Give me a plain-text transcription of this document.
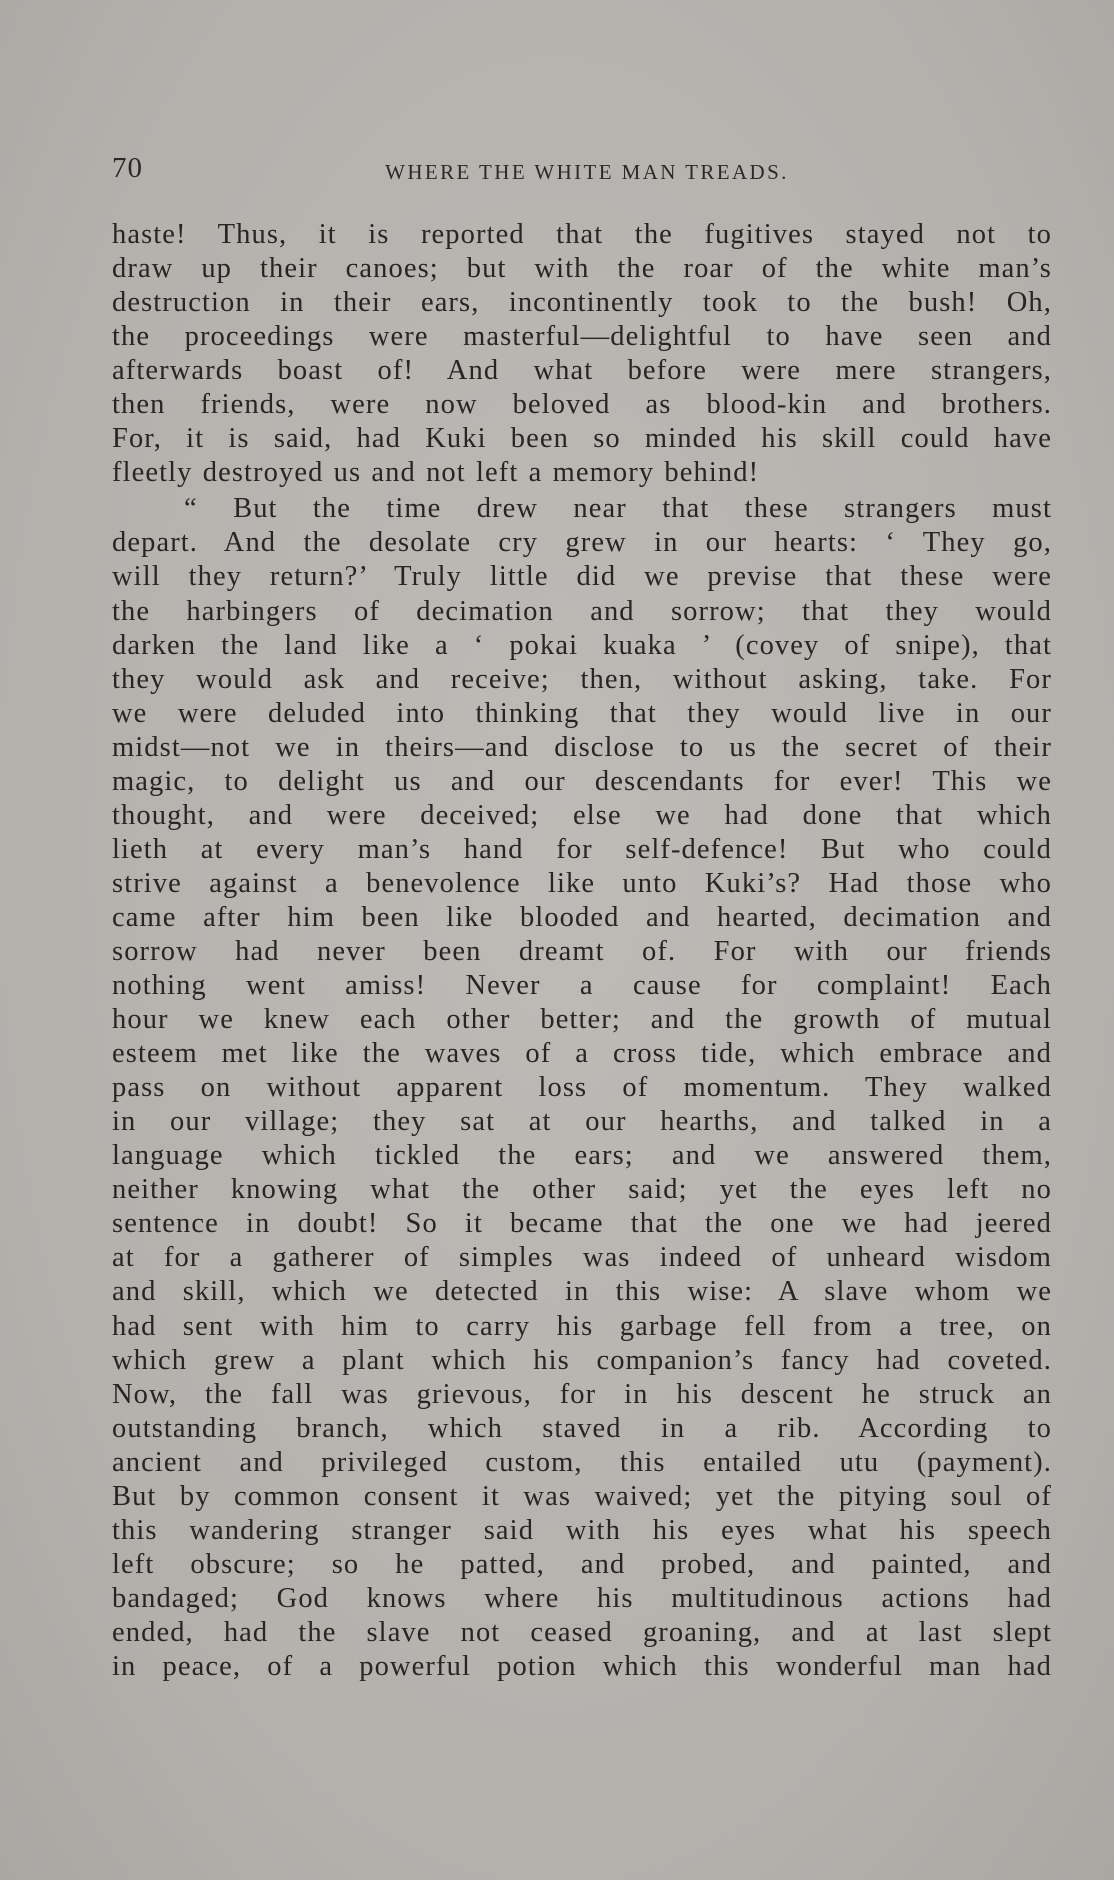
70	WHERE THE WHITE MAN TREADS.
haste! Thus, it is reported that the fugitives stayed not to
draw up their canoes; but with the roar of the white man’s
destruction in their ears, incontinently took to the bush! Oh,
the proceedings were masterful—delightful to have seen and
afterwards boast of! And what before were mere strangers,
then friends, were now beloved as blood-kin and brothers.
For, it is said, had Kuki been so minded his skill could have
fleetly destroyed us and not left a memory behind!
“ But the time drew near that these strangers must
depart. And the desolate cry grew in our hearts: ‘ They go,
will they return?’ Truly little did we previse that these were
the harbingers of decimation and sorrow; that they would
darken the land like a ‘ pokai kuaka ’ (covey of snipe), that
they would ask and receive; then, without asking, take. For
we were deluded into thinking that they would live in our
midst—not we in theirs—and disclose to us the secret of their
magic, to delight us and our descendants for ever! This we
thought, and were deceived; else we had done that which
lieth at every man’s hand for self-defence! But who could
strive against a benevolence like unto Kuki’s? Had those who
came after him been like blooded and hearted, decimation and
sorrow had never been dreamt of. For with our friends
nothing went amiss! Never a cause for complaint! Each
hour we knew each other better; and the growth of mutual
esteem met like the waves of a cross tide, which embrace and
pass on without apparent loss of momentum. They walked
in our village; they sat at our hearths, and talked in a
language which tickled the ears; and we answered them,
neither knowing what the other said; yet the eyes left no
sentence in doubt! So it became that the one we had jeered
at for a gatherer of simples was indeed of unheard wisdom
and skill, which we detected in this wise: A slave whom we
had sent with him to carry his garbage fell from a tree, on
which grew a plant which his companion’s fancy had coveted.
Now, the fall was grievous, for in his descent he struck an
outstanding branch, which staved in a rib. According to
ancient and privileged custom, this entailed utu (payment).
But by common consent it was waived; yet the pitying soul of
this wandering stranger said with his eyes what his speech
left obscure; so he patted, and probed, and painted, and
bandaged; God knows where his multitudinous actions had
ended, had the slave not ceased groaning, and at last slept
in peace, of a powerful potion which this wonderful man had
